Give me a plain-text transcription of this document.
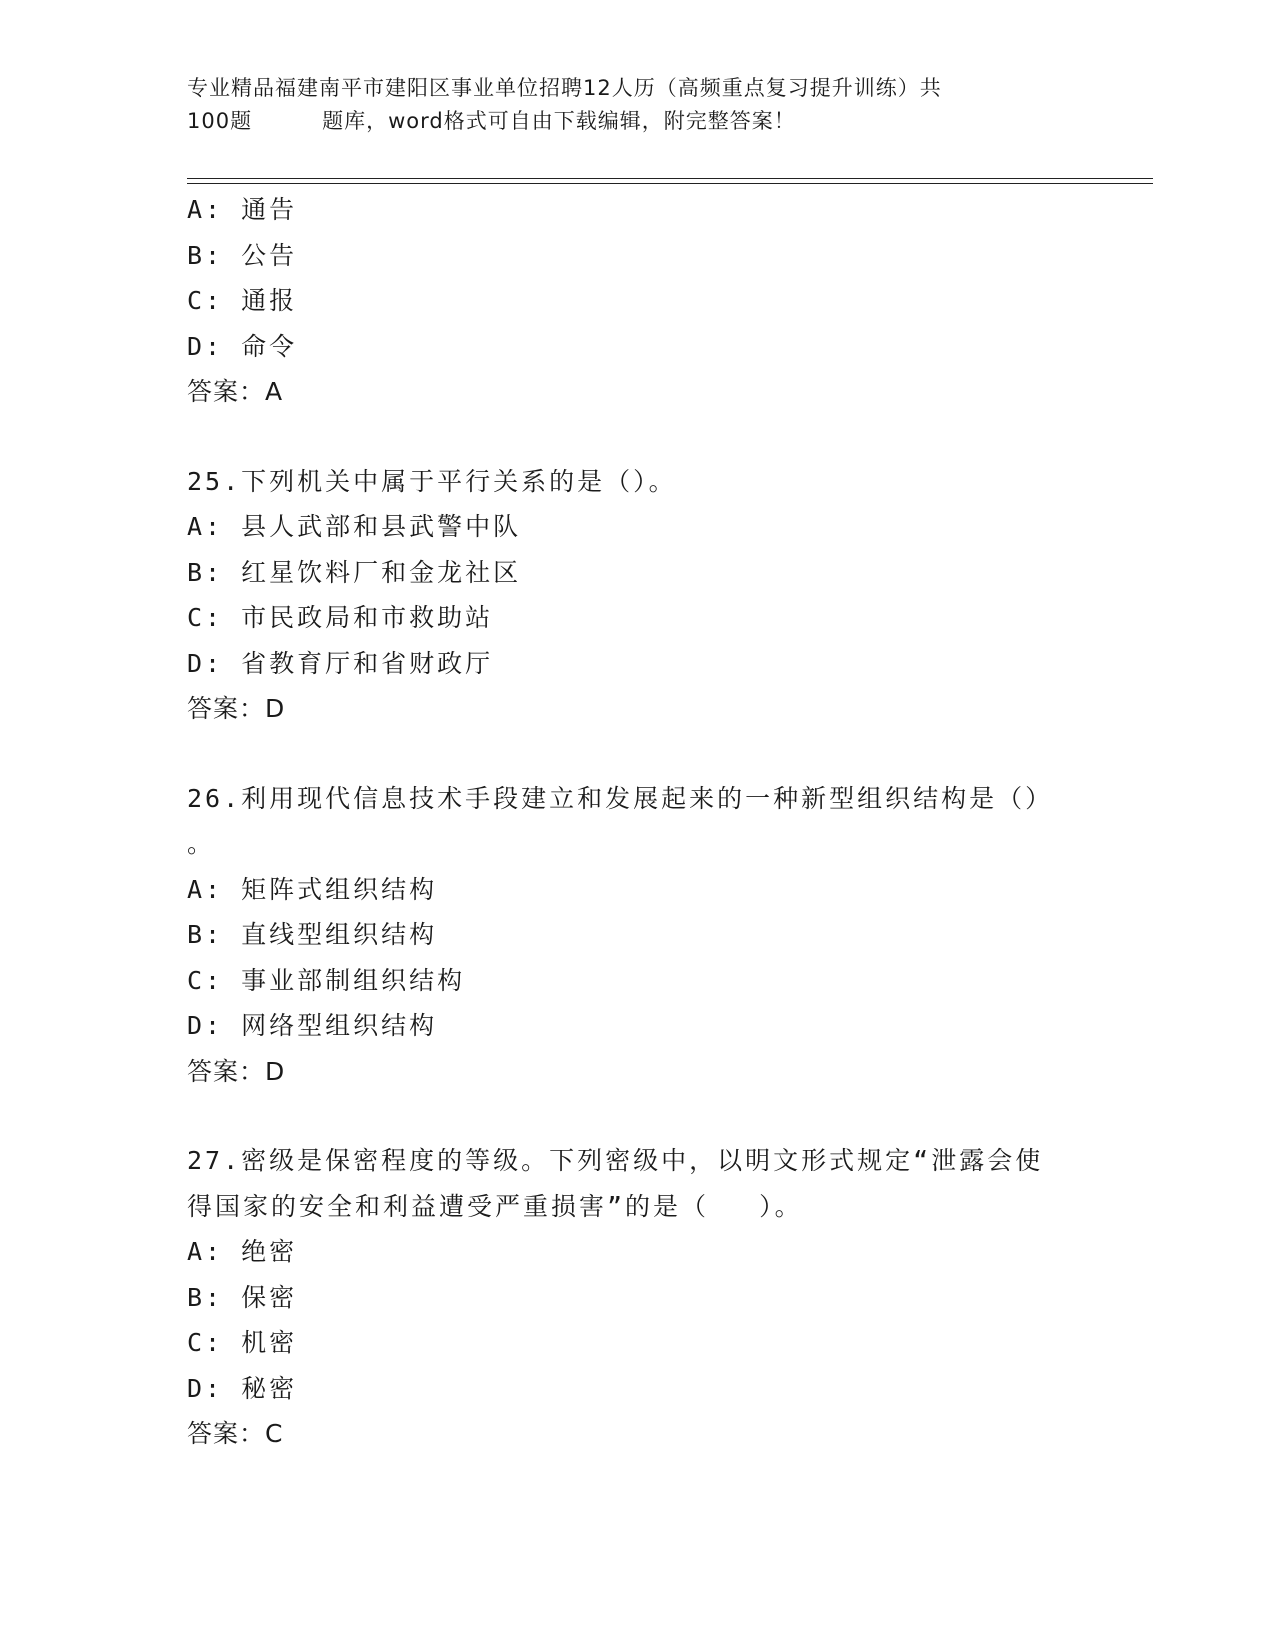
专业精品福建南平市建阳区事业单位招聘12人历（高频重点复习提升训练）共
100题	题库，word格式可自由下载编辑，附完整答案！
A: 通告
B: 公告
C: 通报
D: 命令
答案：A
25.下列机关中属于平行关系的是（）。
A: 县人武部和县武警中队
B: 红星饮料厂和金龙社区
C: 市民政局和市救助站
D: 省教育厅和省财政厅
答案：D
26.利用现代信息技术手段建立和发展起来的一种新型组织结构是（）
。
A: 矩阵式组织结构
B: 直线型组织结构
C: 事业部制组织结构
D: 网络型组织结构
答案：D
27.密级是保密程度的等级。下列密级中，以明文形式规定“泄露会使
得国家的安全和利益遭受严重损害”的是（ ）。
A: 绝密
B: 保密
C: 机密
D: 秘密
答案：C
